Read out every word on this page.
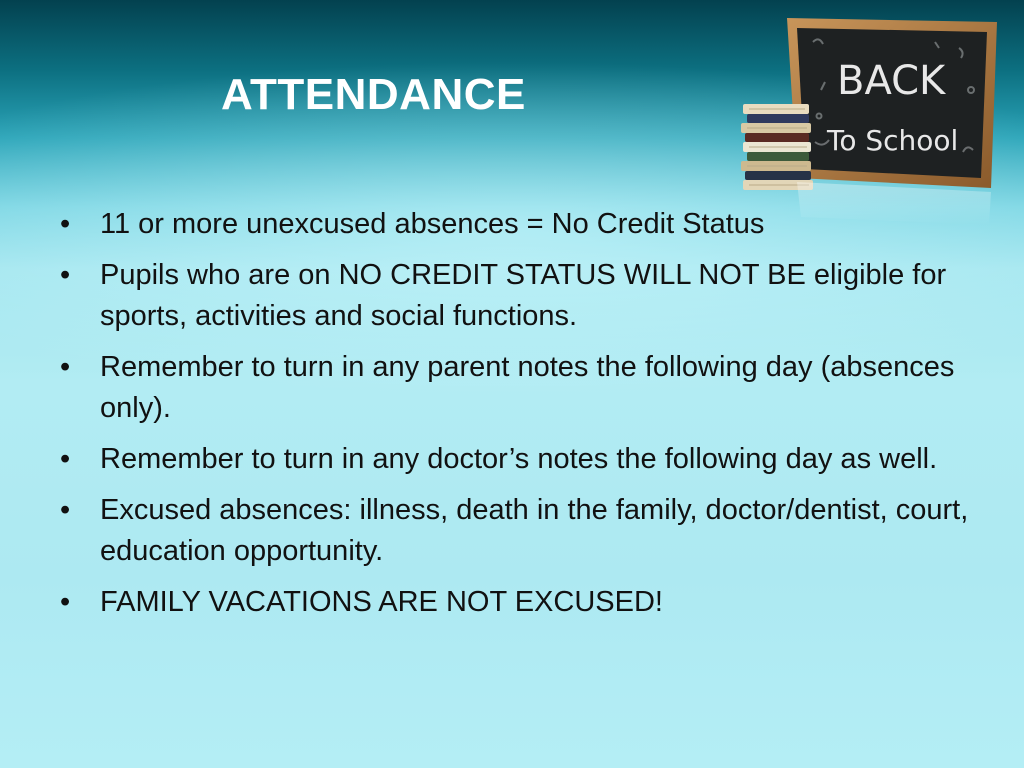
ATTENDANCE	BACK
To School
• 11 or more unexcused absences = No Credit Status
• Pupils who are on NO CREDIT STATUS WILL NOT BE eligible for sports, activities and social functions.
• Remember to turn in any parent notes the following day (absences only).
• Remember to turn in any doctor’s notes the following day as well.
• Excused absences: illness, death in the family, doctor/dentist, court, education opportunity.
• FAMILY VACATIONS ARE NOT EXCUSED!
